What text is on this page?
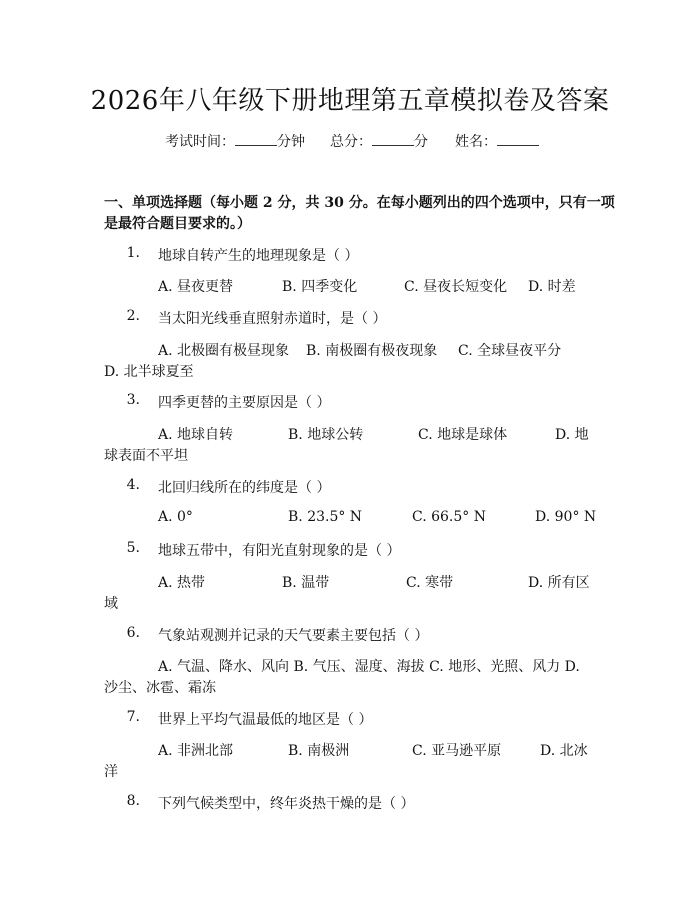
2026年八年级下册地理第五章模拟卷及答案
考试时间：	分钟 总分：	分 姓名：
一、单项选择题（每小题 2 分，共 30 分。在每小题列出的四个选项中，只有一项
是最符合题目要求的。）
1. 地球自转产生的地理现象是（ ）
A. 昼夜更替	B. 四季变化	C. 昼夜长短变化 D. 时差
2. 当太阳光线垂直照射赤道时，是（ ）
A. 北极圈有极昼现象 B. 南极圈有极夜现象 C. 全球昼夜平分
D. 北半球夏至
3. 四季更替的主要原因是（ ）
A. 地球自转	B. 地球公转	C. 地球是球体	D. 地
球表面不平坦
4. 北回归线所在的纬度是（ ）
A. 0°	B. 23.5° N	C. 66.5° N	D. 90° N
5. 地球五带中，有阳光直射现象的是（ ）
A. 热带	B. 温带	C. 寒带	D. 所有区
域
6. 气象站观测并记录的天气要素主要包括（ ）
A. 气温、降水、风向 B. 气压、湿度、海拔 C. 地形、光照、风力 D.
沙尘、冰雹、霜冻
7. 世界上平均气温最低的地区是（ ）
A. 非洲北部	B. 南极洲	C. 亚马逊平原	D. 北冰
洋
8. 下列气候类型中，终年炎热干燥的是（ ）
